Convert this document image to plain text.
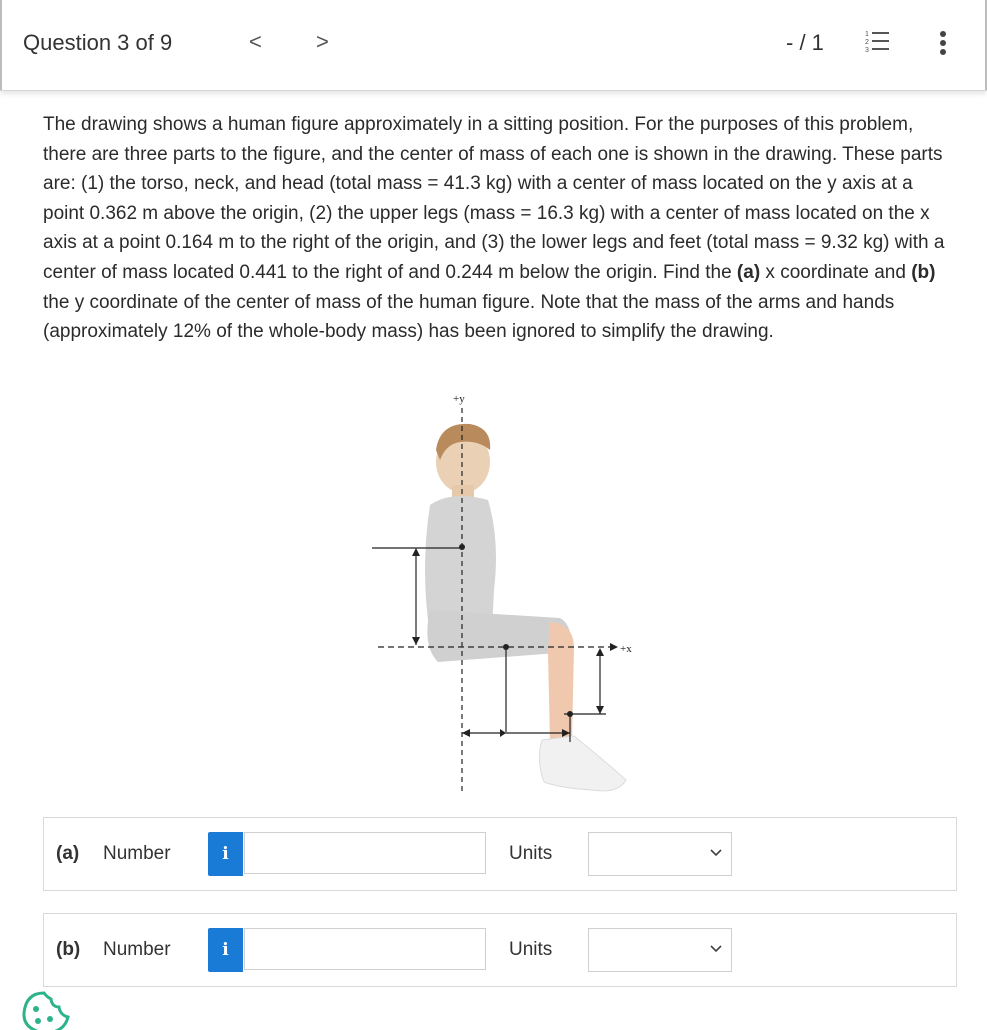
Question 3 of 9	< >	- / 1	1
2
3
The drawing shows a human figure approximately in a sitting position. For the purposes of this problem, there are three parts to the figure, and the center of mass of each one is shown in the drawing. These parts are: (1) the torso, neck, and head (total mass = 41.3 kg) with a center of mass located on the y axis at a point 0.362 m above the origin, (2) the upper legs (mass = 16.3 kg) with a center of mass located on the x axis at a point 0.164 m to the right of the origin, and (3) the lower legs and feet (total mass = 9.32 kg) with a center of mass located 0.441 to the right of and 0.244 m below the origin. Find the (a) x coordinate and (b) the y coordinate of the center of mass of the human figure. Note that the mass of the arms and hands (approximately 12% of the whole-body mass) has been ignored to simplify the drawing.
+y
+x
(a) Number	i	Units
(b) Number	i	Units
